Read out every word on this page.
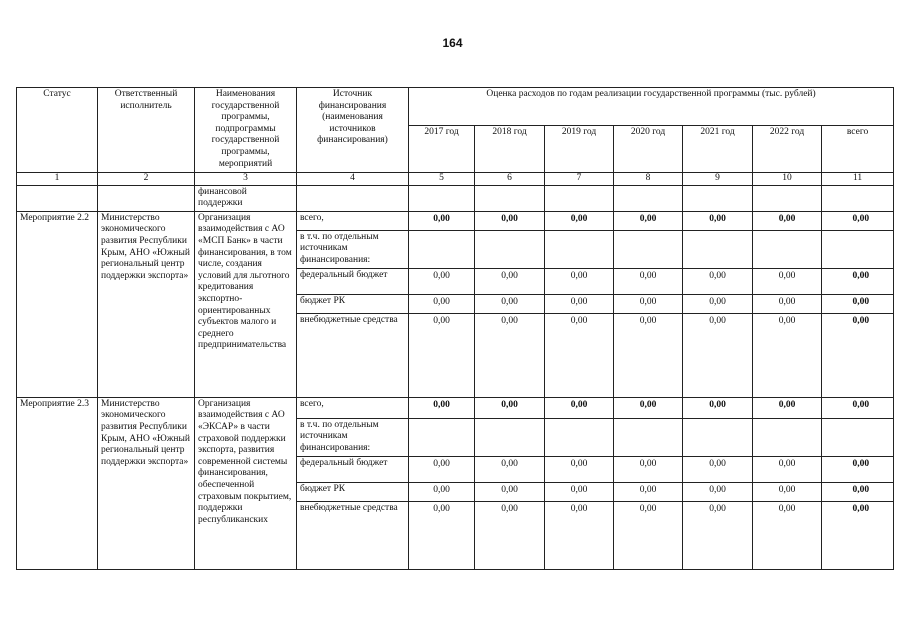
164
Статус	Ответственный исполнитель	Наименования государственной программы, подпрограммы государственной программы, мероприятий	Источник финансирования (наименования источников финансирования)	Оценка расходов по годам реализации государственной программы (тыс. рублей)						
				2017 год	2018 год	2019 год	2020 год	2021 год	2022 год	всего
1	2	3	4	5	6	7	8	9	10	11
		финансовой поддержки								
Мероприятие 2.2	Министерство экономического развития Республики Крым, АНО «Южный региональный центр поддержки экспорта»	Организация взаимодействия с АО «МСП Банк» в части финансирования, в том числе, создания условий для льготного кредитования экспортно-ориентированных субъектов малого и среднего предпринимательства	всего,	0,00	0,00	0,00	0,00	0,00	0,00	0,00
			в т.ч. по отдельным источникам финансирования:							
			федеральный бюджет	0,00	0,00	0,00	0,00	0,00	0,00	0,00
			бюджет РК	0,00	0,00	0,00	0,00	0,00	0,00	0,00
			внебюджетные средства	0,00	0,00	0,00	0,00	0,00	0,00	0,00
Мероприятие 2.3	Министерство экономического развития Республики Крым, АНО «Южный региональный центр поддержки экспорта»	Организация взаимодействия с АО «ЭКСАР» в части страховой поддержки экспорта, развития современной системы финансирования, обеспеченной страховым покрытием, поддержки республиканских	всего,	0,00	0,00	0,00	0,00	0,00	0,00	0,00
			в т.ч. по отдельным источникам финансирования:							
			федеральный бюджет	0,00	0,00	0,00	0,00	0,00	0,00	0,00
			бюджет РК	0,00	0,00	0,00	0,00	0,00	0,00	0,00
			внебюджетные средства	0,00	0,00	0,00	0,00	0,00	0,00	0,00
